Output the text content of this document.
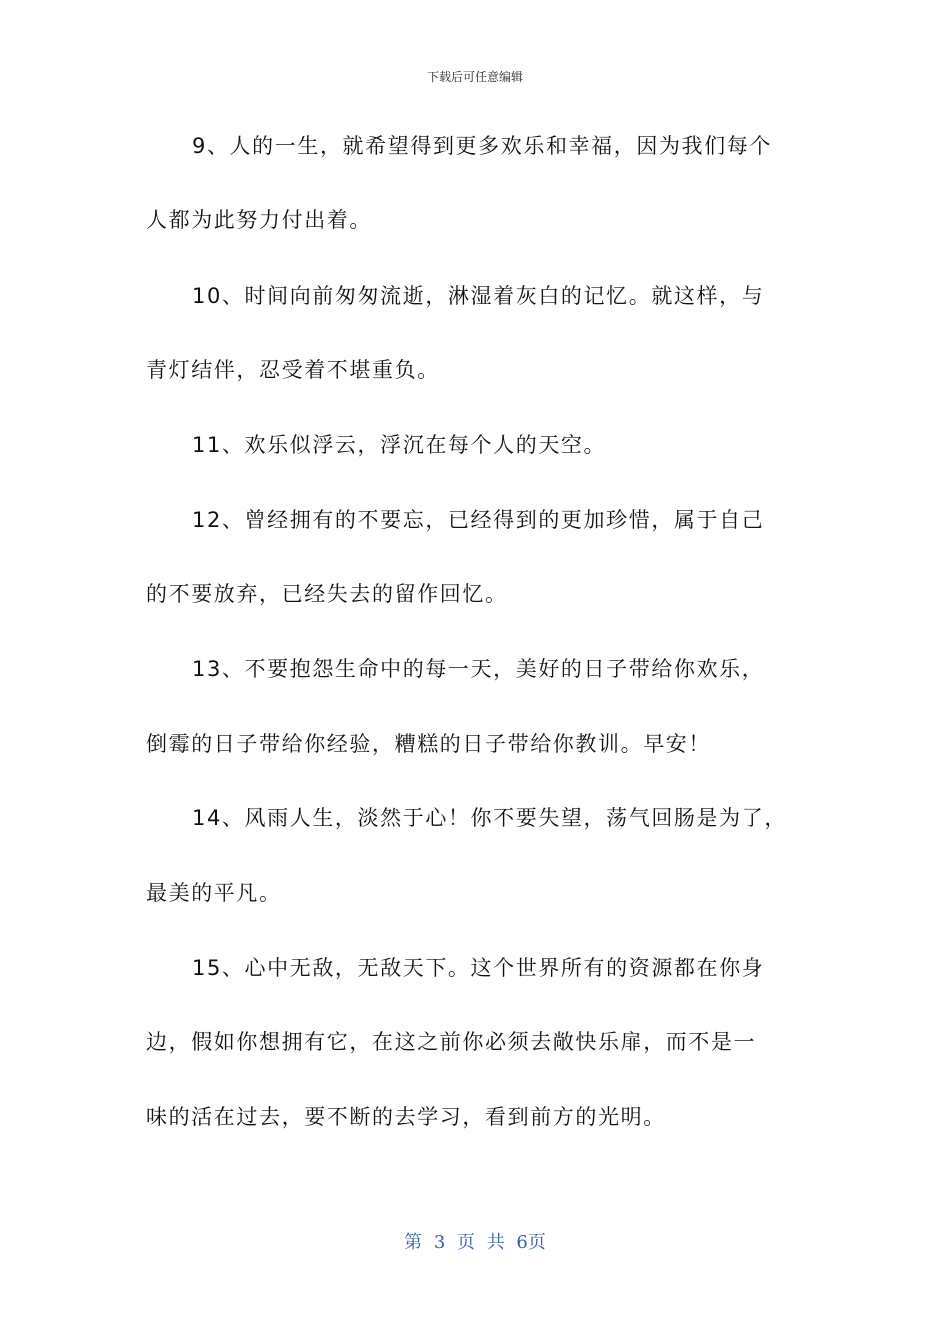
下载后可任意编辑
9、人的一生，就希望得到更多欢乐和幸福，因为我们每个
人都为此努力付出着。
10、时间向前匆匆流逝，淋湿着灰白的记忆。就这样，与
青灯结伴，忍受着不堪重负。
11、欢乐似浮云，浮沉在每个人的天空。
12、曾经拥有的不要忘，已经得到的更加珍惜，属于自己
的不要放弃，已经失去的留作回忆。
13、不要抱怨生命中的每一天，美好的日子带给你欢乐，
倒霉的日子带给你经验，糟糕的日子带给你教训。早安！
14、风雨人生，淡然于心！你不要失望，荡气回肠是为了，
最美的平凡。
15、心中无敌，无敌天下。这个世界所有的资源都在你身
边，假如你想拥有它，在这之前你必须去敞快乐扉，而不是一
味的活在过去，要不断的去学习，看到前方的光明。
第 3 页 共 6页
